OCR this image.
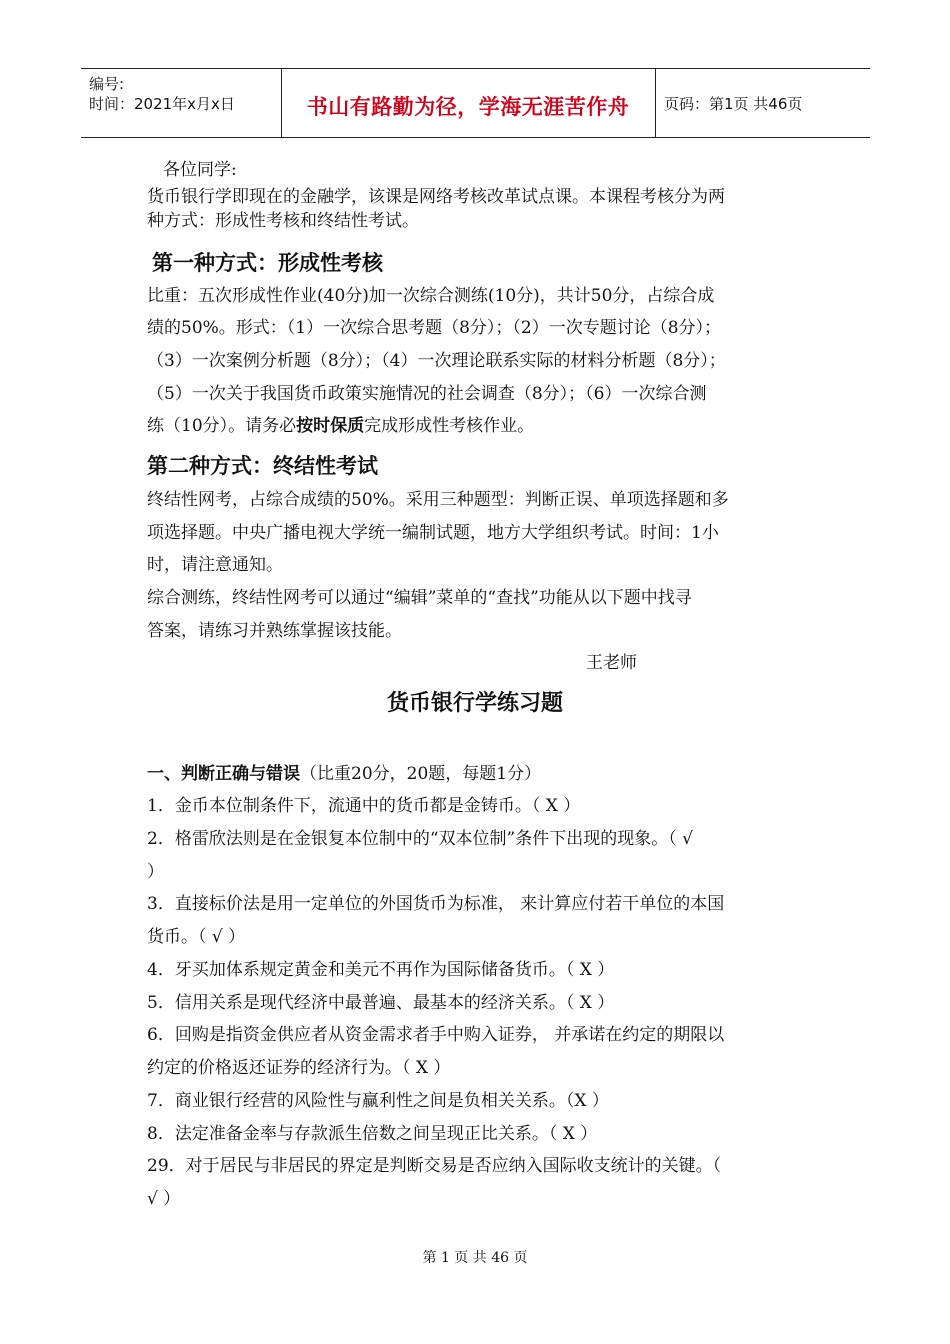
编号:
时间：2021年x月x日	书山有路勤为径，学海无涯苦作舟	页码：第1页 共46页
各位同学:
货币银行学即现在的金融学，该课是网络考核改革试点课。本课程考核分为两
种方式：形成性考核和终结性考试。
第一种方式：形成性考核
比重：五次形成性作业(40分)加一次综合测练(10分)，共计50分，占综合成
绩的50%。形式：（1）一次综合思考题（8分）；（2）一次专题讨论（8分）；
（3）一次案例分析题（8分）；（4）一次理论联系实际的材料分析题（8分）；
（5）一次关于我国货币政策实施情况的社会调查（8分）；（6）一次综合测
练（10分）。请务必按时保质完成形成性考核作业。
第二种方式：终结性考试
终结性网考，占综合成绩的50%。采用三种题型：判断正误、单项选择题和多
项选择题。中央广播电视大学统一编制试题，地方大学组织考试。时间：1小
时，请注意通知。
综合测练，终结性网考可以通过“编辑”菜单的“查找”功能从以下题中找寻
答案，请练习并熟练掌握该技能。
王老师
货币银行学练习题
一、判断正确与错误（比重20分，20题，每题1分）
1．金币本位制条件下，流通中的货币都是金铸币。（ X ）
2．格雷欣法则是在金银复本位制中的“双本位制”条件下出现的现象。（ √
）
3．直接标价法是用一定单位的外国货币为标准， 来计算应付若干单位的本国
货币。（ √ ）
4．牙买加体系规定黄金和美元不再作为国际储备货币。（ X ）
5．信用关系是现代经济中最普遍、最基本的经济关系。（ X ）
6．回购是指资金供应者从资金需求者手中购入证券， 并承诺在约定的期限以
约定的价格返还证券的经济行为。（ X ）
7．商业银行经营的风险性与赢利性之间是负相关关系。（X ）
8．法定准备金率与存款派生倍数之间呈现正比关系。（ X ）
29．对于居民与非居民的界定是判断交易是否应纳入国际收支统计的关键。（
√ ）
第 1 页 共 46 页
